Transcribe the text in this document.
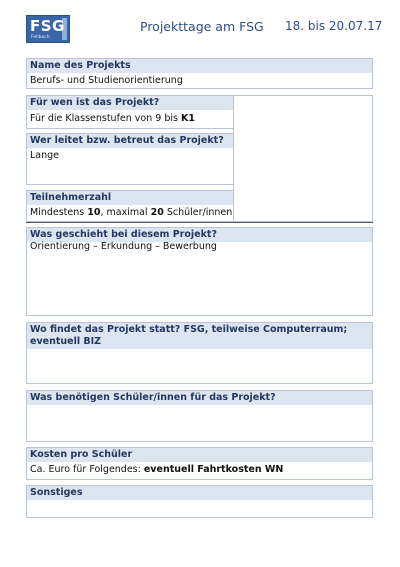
FSG
Fellbach
Projekttage am FSG 18. bis 20.07.17
Name des Projekts
Berufs- und Studienorientierung
Für wen ist das Projekt?
Für die Klassenstufen von 9 bis K1
Wer leitet bzw. betreut das Projekt?
Lange
Teilnehmerzahl
Mindestens 10, maximal 20 Schüler/innen
Was geschieht bei diesem Projekt?
Orientierung – Erkundung – Bewerbung
Wo findet das Projekt statt? FSG, teilweise Computerraum;
eventuell BIZ
Was benötigen Schüler/innen für das Projekt?
Kosten pro Schüler
Ca. Euro für Folgendes: eventuell Fahrtkosten WN
Sonstiges
